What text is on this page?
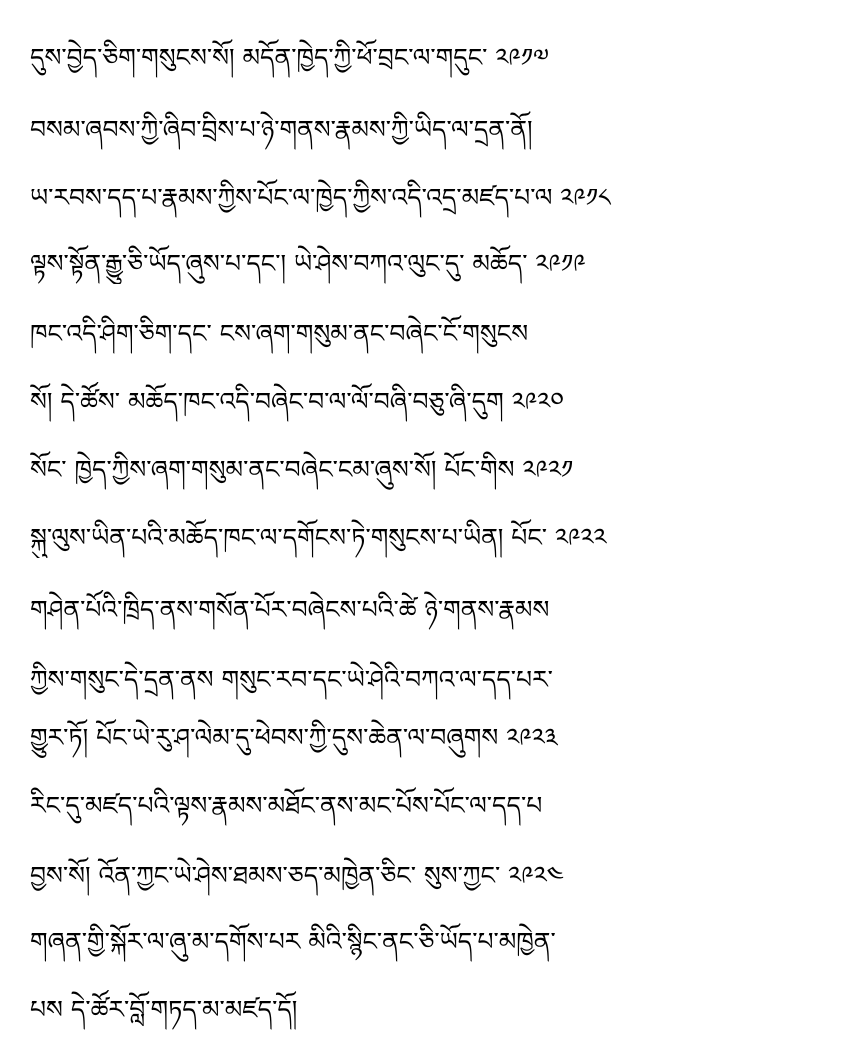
དུས་བྱེད་ཅིག་གསུངས་སོ། མདོན་ཁྱེད་ཀྱི་ཕོ་བྲང་ལ་གདུང་ ༢༩༡༧
བསམ་ཞབས་ཀྱི་ཞིབ་བྲིས་པ་ཉེ་གནས་རྣམས་ཀྱི་ཡིད་ལ་དྲན་ནོ།
ཡ་རབས་དད་པ་རྣམས་ཀྱིས་པོང་ལ་ཁྱེད་ཀྱིས་འདི་འདྲ་མཛད་པ་ལ ༢༩༡༨
ལྟས་སྟོན་རྒྱུ་ཅི་ཡོད་ཞུས་པ་དང་། ཡེ་ཤེས་བཀའ་ལུང་དུ་ མཆོད་ ༢༩༡༩
ཁང་འདི་ཤིག་ཅིག་དང་ ངས་ཞག་གསུམ་ནང་བཞེང་ངོ་གསུངས
སོ། དེ་ཚོས་ མཆོད་ཁང་འདི་བཞེང་བ་ལ་ལོ་བཞི་བཅུ་ཞི་དུག ༢༩༢༠
སོང་ ཁྱེད་ཀྱིས་ཞག་གསུམ་ནང་བཞེང་ངམ་ཞུས་སོ། པོང་གིས ༢༩༢༡
སྐུ་ལུས་ཡིན་པའི་མཆོད་ཁང་ལ་དགོངས་ཏེ་གསུངས་པ་ཡིན། པོང་ ༢༩༢༢
གཤེན་པོའི་ཁྲིད་ནས་གསོན་པོར་བཞེངས་པའི་ཚེ ཉེ་གནས་རྣམས
ཀྱིས་གསུང་དེ་དྲན་ནས གསུང་རབ་དང་ཡེ་ཤེའི་བཀའ་ལ་དད་པར་
གྱུར་ཏོ། པོང་ཡེ་རུ་ཤ་ལེམ་དུ་ཕེབས་ཀྱི་དུས་ཆེན་ལ་བཞུགས ༢༩༢༣
རིང་དུ་མཛད་པའི་ལྟས་རྣམས་མཐོང་ནས་མང་པོས་པོང་ལ་དད་པ
བྱས་སོ། འོན་ཀྱང་ཡེ་ཤེས་ཐམས་ཅད་མཁྱེན་ཅིང་ སུས་ཀྱང་ ༢༩༢༤
གཞན་གྱི་སྐོར་ལ་ཞུ་མ་དགོས་པར མིའི་སྙིང་ནང་ཅི་ཡོད་པ་མཁྱེན་
པས དེ་ཚོར་བློ་གཏད་མ་མཛད་དོ།
